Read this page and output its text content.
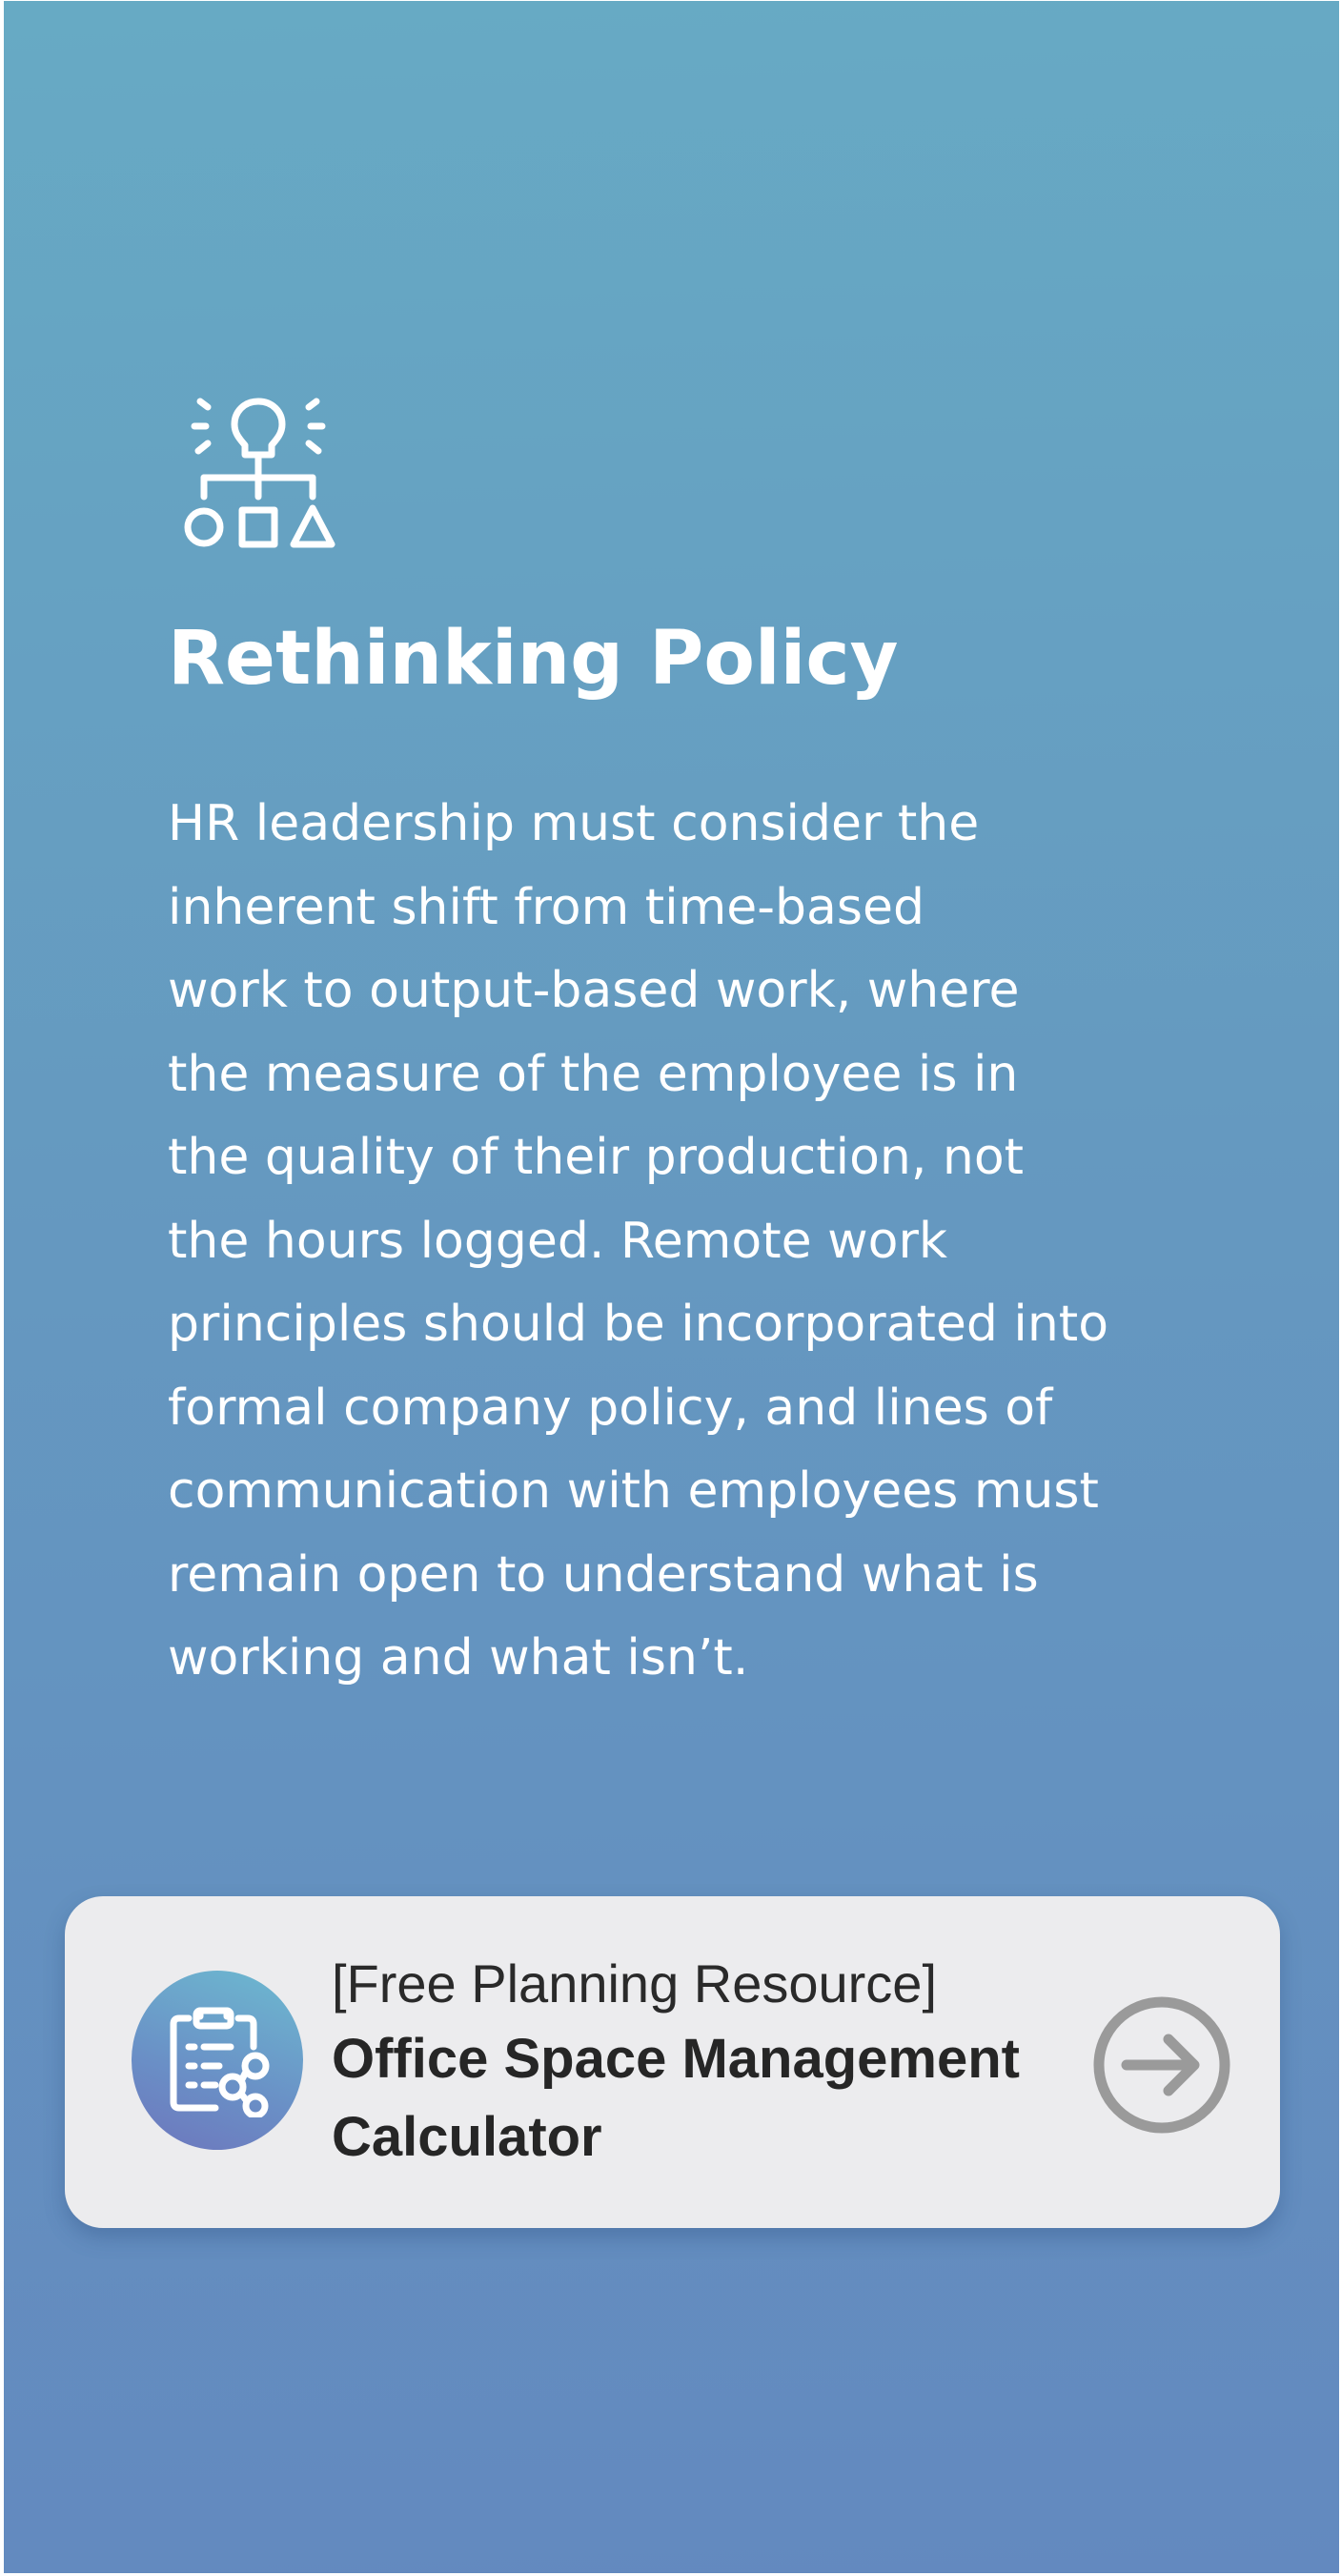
Rethinking Policy

HR leadership must consider the
inherent shift from time-based
work to output-based work, where
the measure of the employee is in
the quality of their production, not
the hours logged. Remote work
principles should be incorporated into
formal company policy, and lines of
communication with employees must
remain open to understand what is
working and what isn’t.

[Free Planning Resource]
Office Space Management Calculator
